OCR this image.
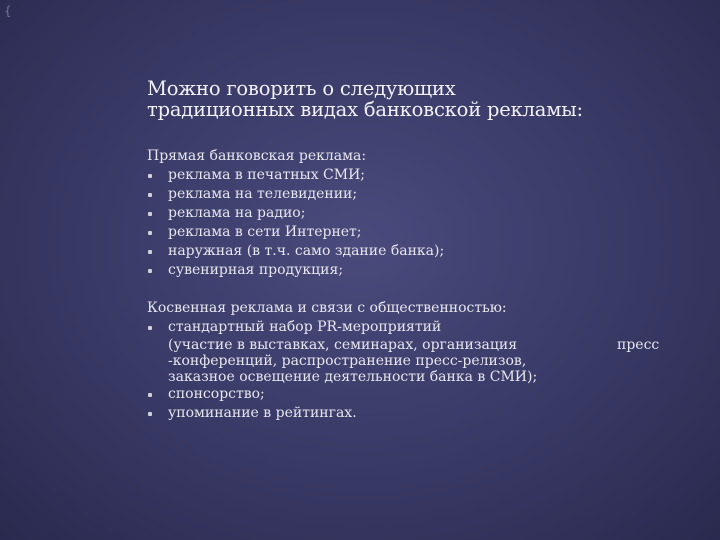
{
Можно говорить о следующих
традиционных видах банковской рекламы:
Прямая банковская реклама:
реклама в печатных СМИ;
реклама на телевидении;
реклама на радио;
реклама в сети Интернет;
наружная (в т.ч. само здание банка);
сувенирная продукция;
Косвенная реклама и связи с общественностью:
стандартный набор PR-мероприятий
(участие в выставках, семинарах, организация	пресс
-конференций, распространение пресс-релизов,
заказное освещение деятельности банка в СМИ);
спонсорство;
упоминание в рейтингах.
